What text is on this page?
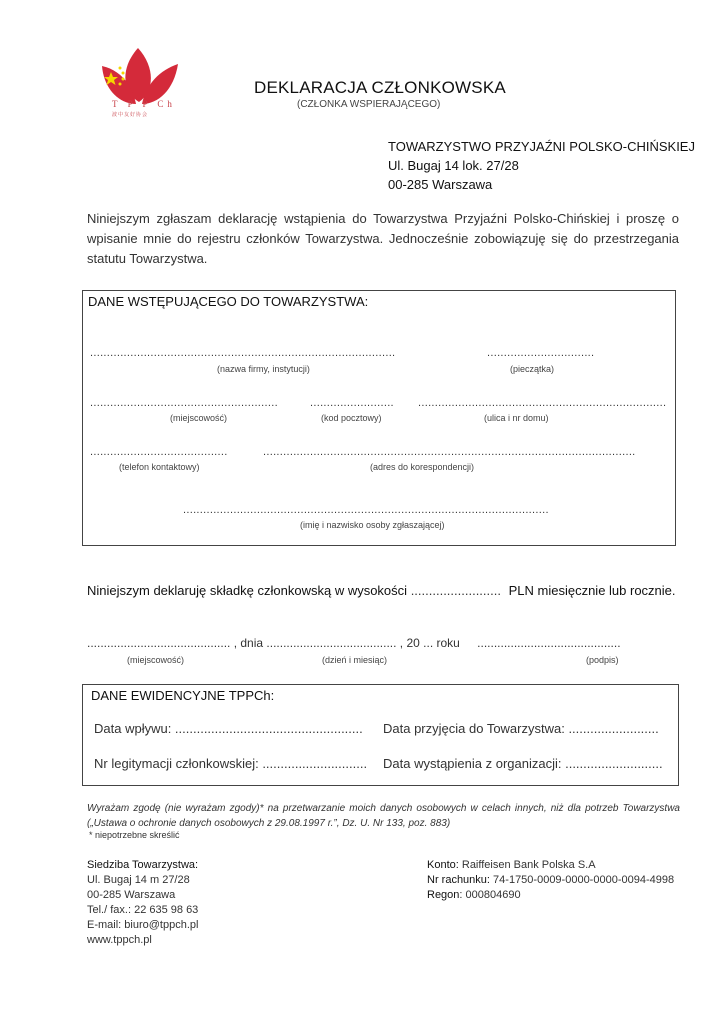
T P P Ch
波中友好协会
DEKLARACJA CZŁONKOWSKA
(CZŁONKA WSPIERAJĄCEGO)
TOWARZYSTWO PRZYJAŹNI POLSKO-CHIŃSKIEJ
Ul. Bugaj 14 lok. 27/28
00-285 Warszawa
Niniejszym zgłaszam deklarację wstąpienia do Towarzystwa Przyjaźni Polsko-Chińskiej i proszę o wpisanie mnie do rejestru członków Towarzystwa. Jednocześnie zobowiązuję się do przestrzegania statutu Towarzystwa.
DANE WSTĘPUJĄCEGO DO TOWARZYSTWA:
...........................................................................................
(nazwa firmy, instytucji)
................................
(pieczątka)
........................................................
(miejscowość)
.........................
(kod pocztowy)
..........................................................................
(ulica i nr domu)
.........................................
(telefon kontaktowy)
...............................................................................................................
(adres do korespondencji)
.............................................................................................................
(imię i nazwisko osoby zgłaszającej)
Niniejszym deklaruję składkę członkowską w wysokości ......................... PLN miesięcznie lub rocznie.
........................................... , dnia ....................................... , 20 ... roku ...........................................
(miejscowość)	(dzień i miesiąc)	(podpis)
DANE EWIDENCYJNE TPPCh:
Data wpływu: .................................................... Data przyjęcia do Towarzystwa: .........................
Nr legitymacji członkowskiej: ............................. Data wystąpienia z organizacji: ...........................
Wyrażam zgodę (nie wyrażam zgody)* na przetwarzanie moich danych osobowych w celach innych, niż dla potrzeb Towarzystwa („Ustawa o ochronie danych osobowych z 29.08.1997 r.”, Dz. U. Nr 133, poz. 883)
* niepotrzebne skreślić
Siedziba Towarzystwa:
Ul. Bugaj 14 m 27/28
00-285 Warszawa
Tel./ fax.: 22 635 98 63
E-mail: biuro@tppch.pl
www.tppch.pl
Konto: Raiffeisen Bank Polska S.A
Nr rachunku: 74-1750-0009-0000-0000-0094-4998
Regon: 000804690
